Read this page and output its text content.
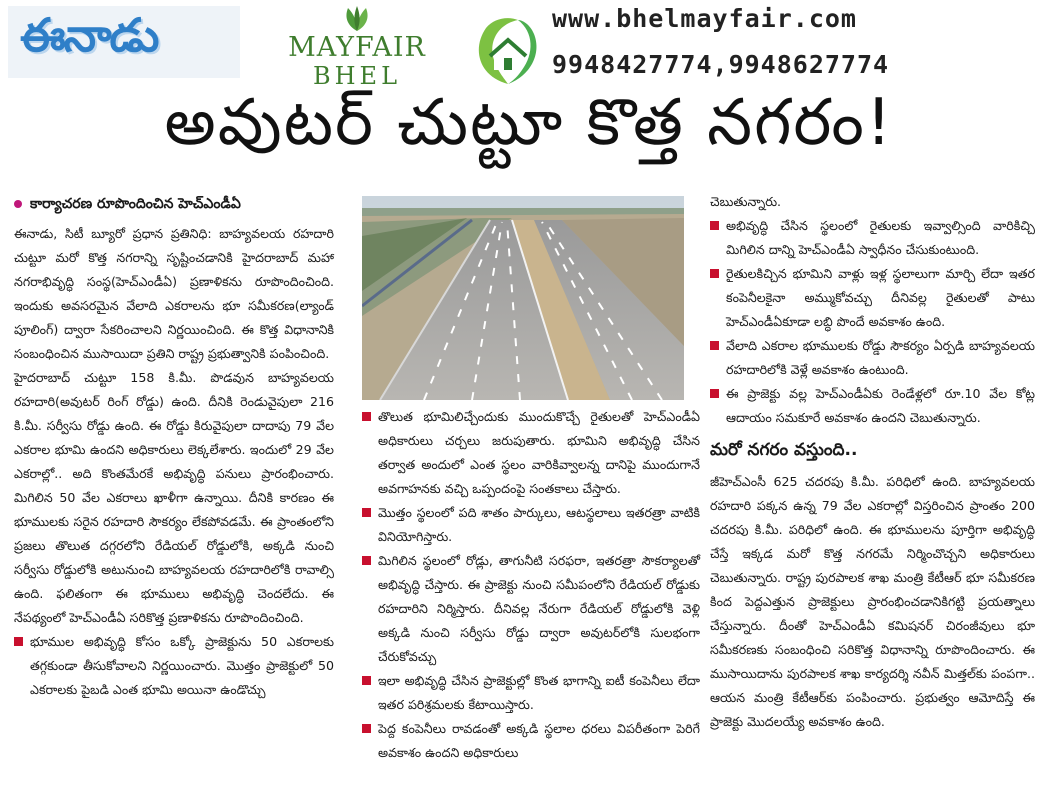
ఈనాడు	MAYFAIR
BHEL
www.bhelmayfair.com
9948427774,9948627774
అవుటర్ చుట్టూ కొత్త నగరం!

కార్యాచరణ రూపొందించిన హెచ్ఎండీఏ

ఈనాడు, సిటీ బ్యూరో ప్రధాన ప్రతినిధి: బాహ్యవలయ రహదారి చుట్టూ మరో కొత్త నగరాన్ని సృష్టించడానికి హైదరాబాద్ మహా నగరాభివృద్ధి సంస్థ(హెచ్ఎండీఏ) ప్రణాళికను రూపొందించింది. ఇందుకు అవసరమైన వేలాది ఎకరాలను భూ సమీకరణ(ల్యాండ్ పూలింగ్) ద్వారా సేకరించాలని నిర్ణయించింది. ఈ కొత్త విధానానికి సంబంధించిన ముసాయిదా ప్రతిని రాష్ట్ర ప్రభుత్వానికి పంపించింది.

హైదరాబాద్ చుట్టూ 158 కి.మీ. పొడవున బాహ్యవలయ రహదారి(అవుటర్ రింగ్ రోడ్డు) ఉంది. దీనికి రెండువైపులా 216 కి.మీ. సర్వీసు రోడ్డు ఉంది. ఈ రోడ్డు కిరువైపులా దాదాపు 79 వేల ఎకరాల భూమి ఉందని అధికారులు లెక్కలేశారు. ఇందులో 29 వేల ఎకరాల్లో.. అది కొంతమేరకే అభివృద్ధి పనులు ప్రారంభించారు. మిగిలిన 50 వేల ఎకరాలు ఖాళీగా ఉన్నాయి. దీనికి కారణం ఈ భూములకు సరైన రహదారి సౌకర్యం లేకపోవడమే. ఈ ప్రాంతంలోని ప్రజలు తొలుత దగ్గరలోని రేడియల్ రోడ్డులోకి, అక్కడి నుంచి సర్వీసు రోడ్డులోకి అటునుంచి బాహ్యవలయ రహదారిలోకి రావాల్సి ఉంది. ఫలితంగా ఈ భూములు అభివృద్ధి చెందలేదు. ఈ నేపథ్యంలో హెచ్ఎండీఏ సరికొత్త ప్రణాళికను రూపొందించింది.

భూముల అభివృద్ధి కోసం ఒక్కో ప్రాజెక్టును 50 ఎకరాలకు తగ్గకుండా తీసుకోవాలని నిర్ణయించారు. మొత్తం ప్రాజెక్టులో 50 ఎకరాలకు పైబడి ఎంత భూమి అయినా ఉండొచ్చు

తొలుత భూమిలిచ్చేందుకు ముందుకొచ్చే రైతులతో హెచ్ఎండీఏ అధికారులు చర్చలు జరుపుతారు. భూమిని అభివృద్ధి చేసిన తర్వాత అందులో ఎంత స్థలం వారికివ్వాలన్న దానిపై ముందుగానే అవగాహనకు వచ్చి ఒప్పందంపై సంతకాలు చేస్తారు.

మొత్తం స్థలంలో పది శాతం పార్కులు, ఆటస్థలాలు ఇతరత్రా వాటికి వినియోగిస్తారు.

మిగిలిన స్థలంలో రోడ్లు, తాగునీటి సరఫరా, ఇతరత్రా సౌకర్యాలతో అభివృద్ధి చేస్తారు. ఈ ప్రాజెక్టు నుంచి సమీపంలోని రేడియల్ రోడ్డుకు రహదారిని నిర్మిస్తారు. దీనివల్ల నేరుగా రేడియల్ రోడ్డులోకి వెళ్లి అక్కడి నుంచి సర్వీసు రోడ్డు ద్వారా అవుటర్‌లోకి సులభంగా చేరుకోవచ్చు

ఇలా అభివృద్ధి చేసిన ప్రాజెక్టుల్లో కొంత భాగాన్ని ఐటీ కంపెనీలు లేదా ఇతర పరిశ్రమలకు కేటాయిస్తారు.

పెద్ద కంపెనీలు రావడంతో అక్కడి స్థలాల ధరలు విపరీతంగా పెరిగే అవకాశం ఉందని అధికారులు

చెబుతున్నారు.

అభివృద్ధి చేసిన స్థలంలో రైతులకు ఇవ్వాల్సింది వారికిచ్చి మిగిలిన దాన్ని హెచ్ఎండీఏ స్వాధీనం చేసుకుంటుంది.

రైతులకిచ్చిన భూమిని వాళ్లు ఇళ్ల స్థలాలుగా మార్చి లేదా ఇతర కంపెనీలకైనా అమ్ముకోవచ్చు దీనివల్ల రైతులతో పాటు హెచ్ఎండీఏకూడా లబ్ధి పొందే అవకాశం ఉంది.

వేలాది ఎకరాల భూములకు రోడ్డు సౌకర్యం ఏర్పడి బాహ్యవలయ రహదారిలోకి వెళ్లే అవకాశం ఉంటుంది.

ఈ ప్రాజెక్టు వల్ల హెచ్ఎండీఏకు రెండేళ్లలో రూ.10 వేల కోట్ల ఆదాయం సమకూరే అవకాశం ఉందని చెబుతున్నారు.

మరో నగరం వస్తుంది..

జీహెచ్ఎంసీ 625 చదరపు కి.మీ. పరిధిలో ఉంది. బాహ్యవలయ రహదారి పక్కన ఉన్న 79 వేల ఎకరాల్లో విస్తరించిన ప్రాంతం 200 చదరపు కి.మీ. పరిధిలో ఉంది. ఈ భూములను పూర్తిగా అభివృద్ధి చేస్తే ఇక్కడ మరో కొత్త నగరమే నిర్మించొచ్చని అధికారులు చెబుతున్నారు. రాష్ట్ర పురపాలక శాఖ మంత్రి కేటీఆర్ భూ సమీకరణ కింద పెద్దఎత్తున ప్రాజెక్టులు ప్రారంభించడానికిగట్టి ప్రయత్నాలు చేస్తున్నారు. దీంతో హెచ్ఎండీఏ కమిషనర్ చిరంజీవులు భూ సమీకరణకు సంబంధించి సరికొత్త విధానాన్ని రూపొందించారు. ఈ ముసాయిదాను పురపాలక శాఖ కార్యదర్శి నవీన్ మిత్తల్‌కు పంపగా.. ఆయన మంత్రి కేటీఆర్‌కు పంపించారు. ప్రభుత్వం ఆమోదిస్తే ఈ ప్రాజెక్టు మొదలయ్యే అవకాశం ఉంది.
